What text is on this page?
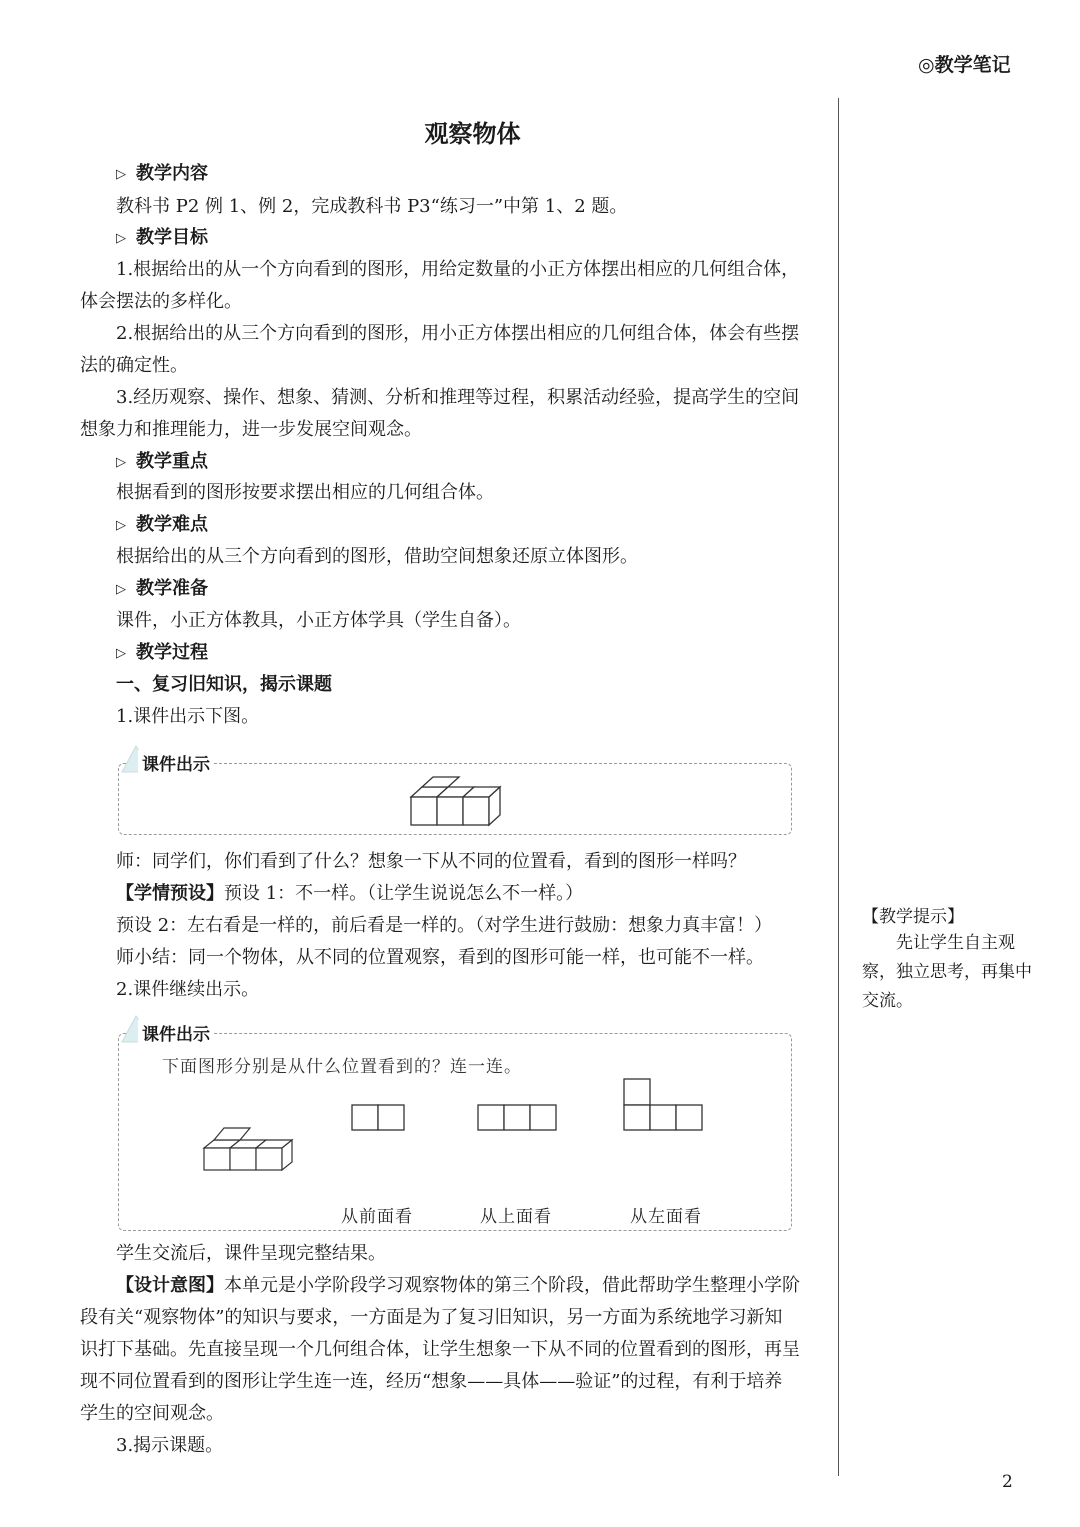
◎教学笔记
观察物体
▷ 教学内容
教科书 P2 例 1、例 2，完成教科书 P3“练习一”中第 1、2 题。
▷ 教学目标
1.根据给出的从一个方向看到的图形，用给定数量的小正方体摆出相应的几何组合体，
体会摆法的多样化。
2.根据给出的从三个方向看到的图形，用小正方体摆出相应的几何组合体，体会有些摆
法的确定性。
3.经历观察、操作、想象、猜测、分析和推理等过程，积累活动经验，提高学生的空间
想象力和推理能力，进一步发展空间观念。
▷ 教学重点
根据看到的图形按要求摆出相应的几何组合体。
▷ 教学难点
根据给出的从三个方向看到的图形，借助空间想象还原立体图形。
▷ 教学准备
课件，小正方体教具，小正方体学具（学生自备）。
▷ 教学过程
一、复习旧知识，揭示课题
1.课件出示下图。
课件出示
师：同学们，你们看到了什么？想象一下从不同的位置看，看到的图形一样吗？
【学情预设】预设 1：不一样。（让学生说说怎么不一样。）
预设 2：左右看是一样的，前后看是一样的。（对学生进行鼓励：想象力真丰富！）
师小结：同一个物体，从不同的位置观察，看到的图形可能一样，也可能不一样。
2.课件继续出示。
课件出示
下面图形分别是从什么位置看到的？连一连。
从前面看	从上面看	从左面看
学生交流后，课件呈现完整结果。
【设计意图】本单元是小学阶段学习观察物体的第三个阶段，借此帮助学生整理小学阶
段有关“观察物体”的知识与要求，一方面是为了复习旧知识，另一方面为系统地学习新知
识打下基础。先直接呈现一个几何组合体，让学生想象一下从不同的位置看到的图形，再呈
现不同位置看到的图形让学生连一连，经历“想象——具体——验证”的过程，有利于培养
学生的空间观念。
3.揭示课题。
【教学提示】
先让学生自主观察，独立思考，再集中交流。
2
